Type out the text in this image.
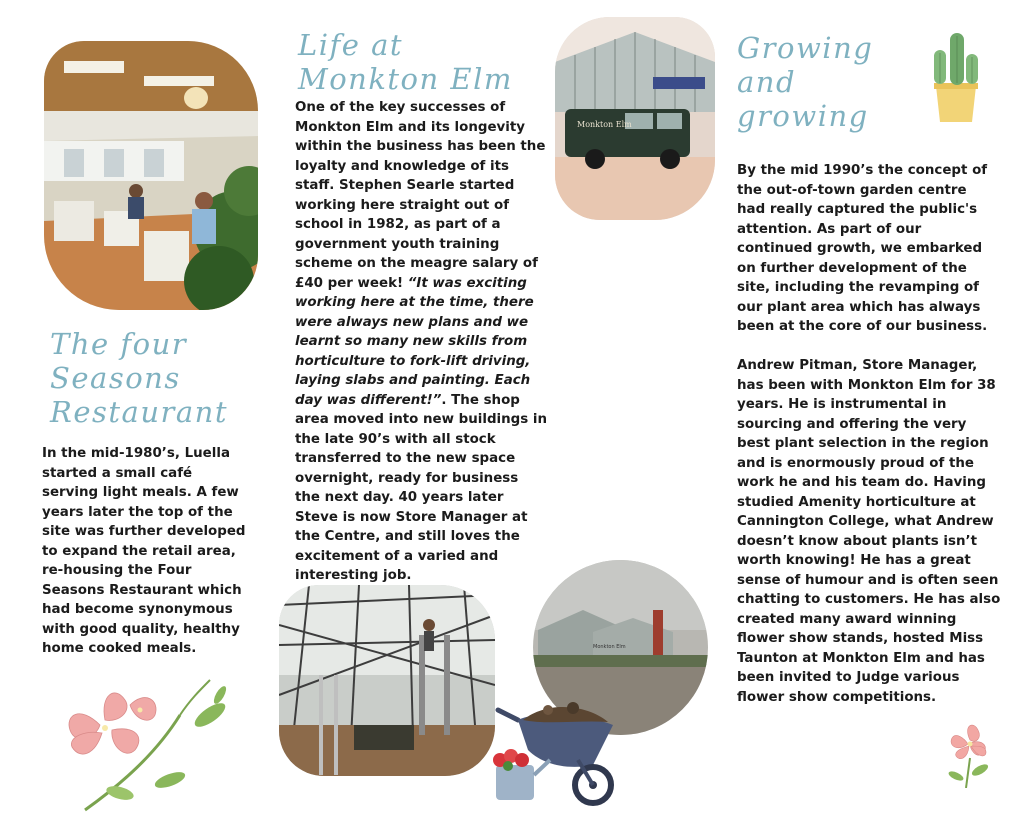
The four
Seasons
Restaurant

In the mid-1980’s, Luella started a small café serving light meals. A few years later the top of the site was further developed to expand the retail area, re-housing the Four Seasons Restaurant which had become synonymous with good quality, healthy home cooked meals.

Life at
Monkton Elm

One of the key successes of Monkton Elm and its longevity within the business has been the loyalty and knowledge of its staff. Stephen Searle started working here straight out of school in 1982, as part of a government youth training scheme on the meagre salary of £40 per week! “It was exciting working here at the time, there were always new plans and we learnt so many new skills from horticulture to fork-lift driving, laying slabs and painting. Each day was different!”. The shop area moved into new buildings in the late 90’s with all stock transferred to the new space overnight, ready for business the next day. 40 years later Steve is now Store Manager at the Centre, and still loves the excitement of a varied and interesting job.

Monkton Elm
Monkton Elm
Growing
and
growing

By the mid 1990’s the concept of the out-of-town garden centre had really captured the public's attention. As part of our continued growth, we embarked on further development of the site, including the revamping of our plant area which has always been at the core of our business.

Andrew Pitman, Store Manager, has been with Monkton Elm for 38 years. He is instrumental in sourcing and offering the very best plant selection in the region and is enormously proud of the work he and his team do. Having studied Amenity horticulture at Cannington College, what Andrew doesn’t know about plants isn’t worth knowing! He has a great sense of humour and is often seen chatting to customers. He has also created many award winning flower show stands, hosted Miss Taunton at Monkton Elm and has been invited to Judge various flower show competitions.
